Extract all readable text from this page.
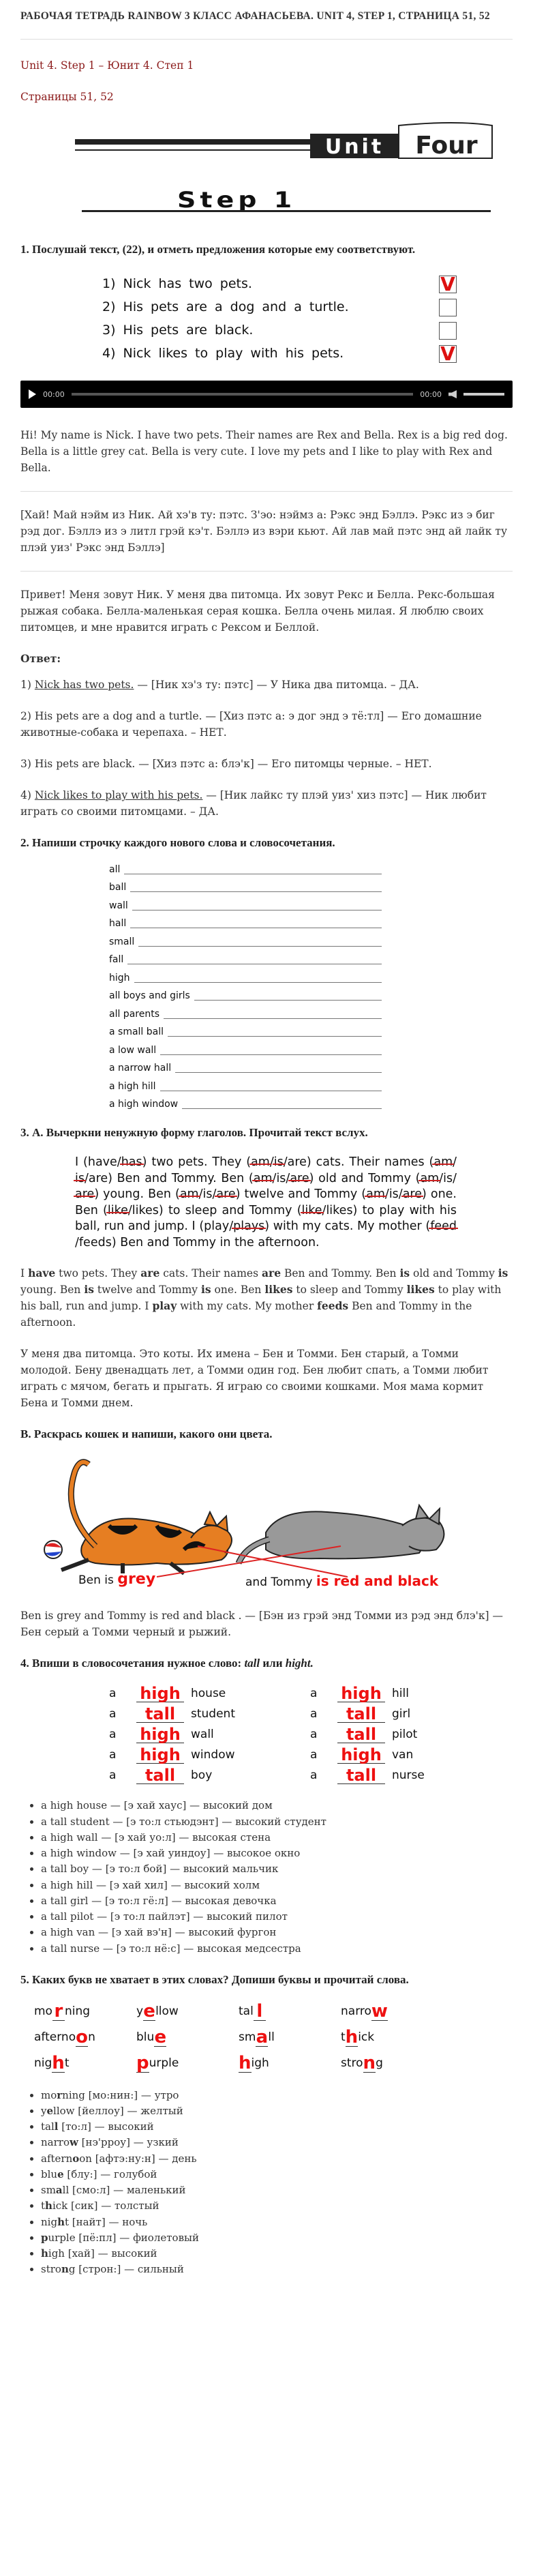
РАБОЧАЯ ТЕТРАДЬ RAINBOW 3 КЛАСС АФАНАСЬЕВА. UNIT 4, STEP 1, СТРАНИЦА 51, 52

Unit 4. Step 1 – Юнит 4. Степ 1

Страницы 51, 52

Unit Four
Step 1
1. Послушай текст, (22), и отметь предложения которые ему соответствуют.
1) Nick has two pets.	V
2) His pets are a dog and a turtle.
3) His pets are black.
4) Nick likes to play with his pets.	V
00:00	00:00

Hi! My name is Nick. I have two pets. Their names are Rex and Bella. Rex is a big red dog. Bella is a little grey cat. Bella is very cute. I love my pets and I like to play with Rex and Bella.

[Хай! Май нэйм из Ник. Ай хэ'в ту: пэтс. З'эо: нэймз а: Рэкс энд Бэллэ. Рэкс из э биг рэд дог. Бэллэ из э литл грэй кэ'т. Бэллэ из вэри кьют. Ай лав май пэтс энд ай лайк ту плэй уиз' Рэкс энд Бэллэ]

Привет! Меня зовут Ник. У меня два питомца. Их зовут Рекс и Белла. Рекс-большая рыжая собака. Белла-маленькая серая кошка. Белла очень милая. Я люблю своих питомцев, и мне нравится играть с Рексом и Беллой.

Ответ:

1) Nick has two pets. — [Ник хэ'з ту: пэтс] — У Ника два питомца. – ДА.

2) His pets are a dog and a turtle. — [Хиз пэтс а: э дог энд э тё:тл] — Его домашние животные-собака и черепаха. – НЕТ.

3) His pets are black. — [Хиз пэтс а: блэ'к] — Его питомцы черные. – НЕТ.

4) Nick likes to play with his pets. — [Ник лайкс ту плэй уиз' хиз пэтс] — Ник любит играть со своими питомцами. – ДА.

2. Напиши строчку каждого нового слова и словосочетания.
all
ball
wall
hall
small
fall
high
all boys and girls
all parents
a small ball
a low wall
a narrow hall
a high hill
a high window
3. А. Вычеркни ненужную форму глаголов. Прочитай текст вслух.
I (have/has) two pets. They (am/is/are) cats. Their names (am/is/are) Ben and Tommy. Ben (am/is/are) old and Tommy (am/is/are) young. Ben (am/is/are) twelve and Tommy (am/is/are) one. Ben (like/likes) to sleep and Tommy (like/likes) to play with his ball, run and jump. I (play/plays) with my cats. My mother (feed/feeds) Ben and Tommy in the afternoon.

I have two pets. They are cats. Their names are Ben and Tommy. Ben is old and Tommy is young. Ben is twelve and Tommy is one. Ben likes to sleep and Tommy likes to play with his ball, run and jump. I play with my cats. My mother feeds Ben and Tommy in the afternoon.

У меня два питомца. Это коты. Их имена – Бен и Томми. Бен старый, а Томми молодой. Бену двенадцать лет, а Томми один год. Бен любит спать, а Томми любит играть с мячом, бегать и прыгать. Я играю со своими кошками. Моя мама кормит Бена и Томми днем.

В. Раскрась кошек и напиши, какого они цвета.
Ben is grey	and Tommy is red and black

Ben is grey and Tommy is red and black . — [Бэн из грэй энд Томми из рэд энд блэ'к] — Бен серый а Томми черный и рыжий.

4. Впиши в словосочетания нужное слово: tall или hight.
a	high house
a	tall	student
a	high wall
a	high window
a	tall	boy
a	high hill
a	tall	girl
a	tall	pilot
a	high van
a	tall	nurse
• a high house — [э хай хаус] — высокий дом
• a tall student — [э то:л стьюдэнт] — высокий студент
• a high wall — [э хай уо:л] — высокая стена
• a high window — [э хай уиндоу] — высокое окно
• a tall boy — [э то:л бой] — высокий мальчик
• a high hill — [э хай хил] — высокий холм
• a tall girl — [э то:л гё:л] — высокая девочка
• a tall pilot — [э то:л пайлэт] — высокий пилот
• a high van — [э хай вэ'н] — высокий фургон
• a tall nurse — [э то:л нё:с] — высокая медсестра
5. Каких букв не хватает в этих словах? Допиши буквы и прочитай слова.
mo r ning	y e llow	tal l	narro w
afterno o n	blu e	sm a ll	t h ick
nig h t	p urple	h igh	stro n g
• morning [мо:нин:] — утро
• yellow [йеллоу] — желтый
• tall [то:л] — высокий
• narrow [нэ'рроу] — узкий
• afternoon [афтэ:ну:н] — день
• blue [блу:] — голубой
• small [смо:л] — маленький
• thick [сик] — толстый
• night [найт] — ночь
• purple [пё:пл] — фиолетовый
• high [хай] — высокий
• strong [строн:] — сильный
